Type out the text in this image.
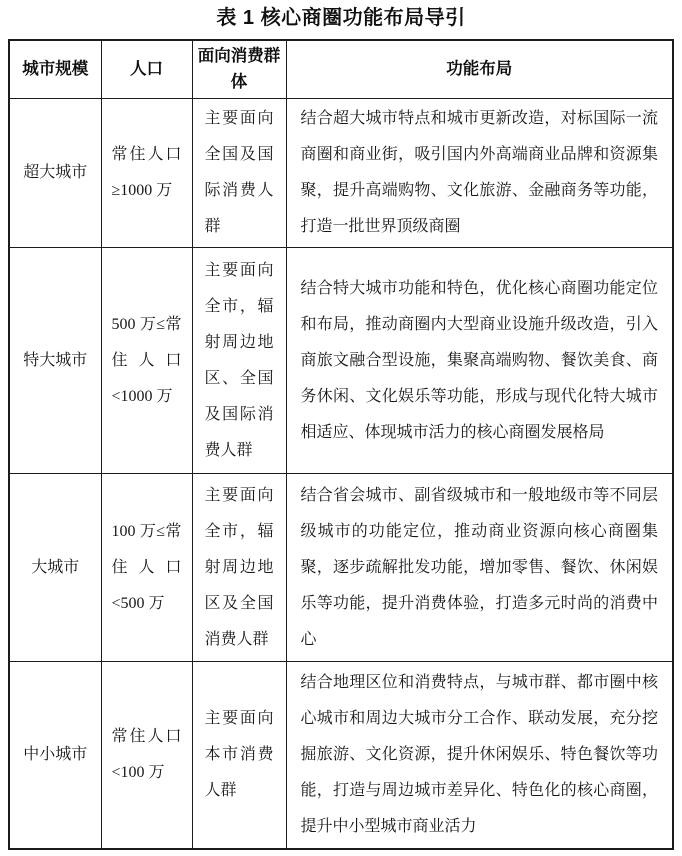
表 1 核心商圈功能布局导引
城市规模	人口	面向消费群体	功能布局
超大城市	常住人口≥1000 万	主要面向全国及国际消费人群	结合超大城市特点和城市更新改造，对标国际一流商圈和商业街，吸引国内外高端商业品牌和资源集聚，提升高端购物、文化旅游、金融商务等功能，打造一批世界顶级商圈
特大城市	500 万≤常住人口<1000 万	主要面向全市，辐射周边地区、全国及国际消费人群	结合特大城市功能和特色，优化核心商圈功能定位和布局，推动商圈内大型商业设施升级改造，引入商旅文融合型设施，集聚高端购物、餐饮美食、商务休闲、文化娱乐等功能，形成与现代化特大城市相适应、体现城市活力的核心商圈发展格局
大城市	100 万≤常住人口<500 万	主要面向全市，辐射周边地区及全国消费人群	结合省会城市、副省级城市和一般地级市等不同层级城市的功能定位，推动商业资源向核心商圈集聚，逐步疏解批发功能，增加零售、餐饮、休闲娱乐等功能，提升消费体验，打造多元时尚的消费中心
中小城市	常住人口<100 万	主要面向本市消费人群	结合地理区位和消费特点，与城市群、都市圈中核心城市和周边大城市分工合作、联动发展，充分挖掘旅游、文化资源，提升休闲娱乐、特色餐饮等功能，打造与周边城市差异化、特色化的核心商圈，提升中小型城市商业活力
